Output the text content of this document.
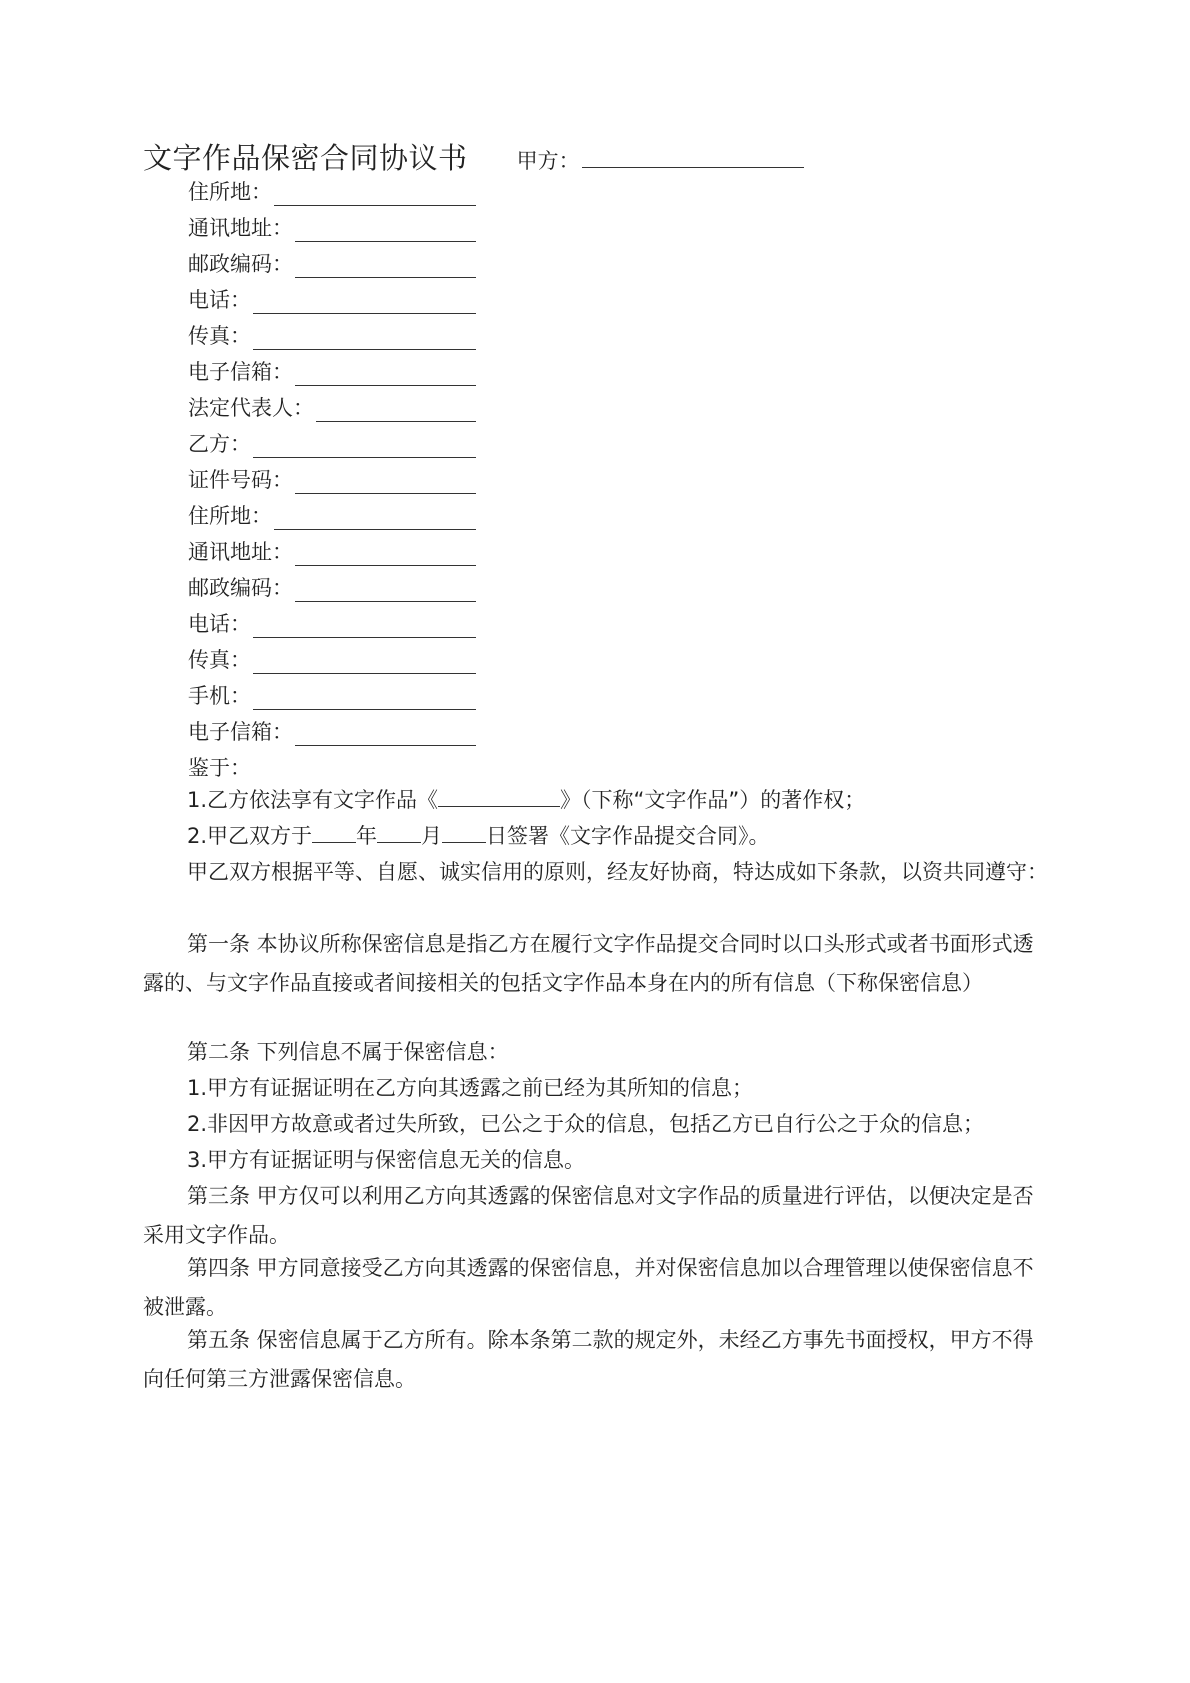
文字作品保密合同协议书 甲方：
住所地：
通讯地址：
邮政编码：
电话：
传真：
电子信箱：
法定代表人：
乙方：
证件号码：
住所地：
通讯地址：
邮政编码：
电话：
传真：
手机：
电子信箱：
鉴于：
1.乙方依法享有文字作品《	》（下称“文字作品”）的著作权；
2.甲乙双方于 年 月 日签署《文字作品提交合同》。
甲乙双方根据平等、自愿、诚实信用的原则，经友好协商，特达成如下条款，以资共同遵守：
第一条 本协议所称保密信息是指乙方在履行文字作品提交合同时以口头形式或者书面形式透露的、与文字作品直接或者间接相关的包括文字作品本身在内的所有信息（下称保密信息）
第二条 下列信息不属于保密信息：
1.甲方有证据证明在乙方向其透露之前已经为其所知的信息；
2.非因甲方故意或者过失所致，已公之于众的信息，包括乙方已自行公之于众的信息；
3.甲方有证据证明与保密信息无关的信息。
第三条 甲方仅可以利用乙方向其透露的保密信息对文字作品的质量进行评估，以便决定是否采用文字作品。
第四条 甲方同意接受乙方向其透露的保密信息，并对保密信息加以合理管理以使保密信息不被泄露。
第五条 保密信息属于乙方所有。除本条第二款的规定外，未经乙方事先书面授权，甲方不得向任何第三方泄露保密信息。
